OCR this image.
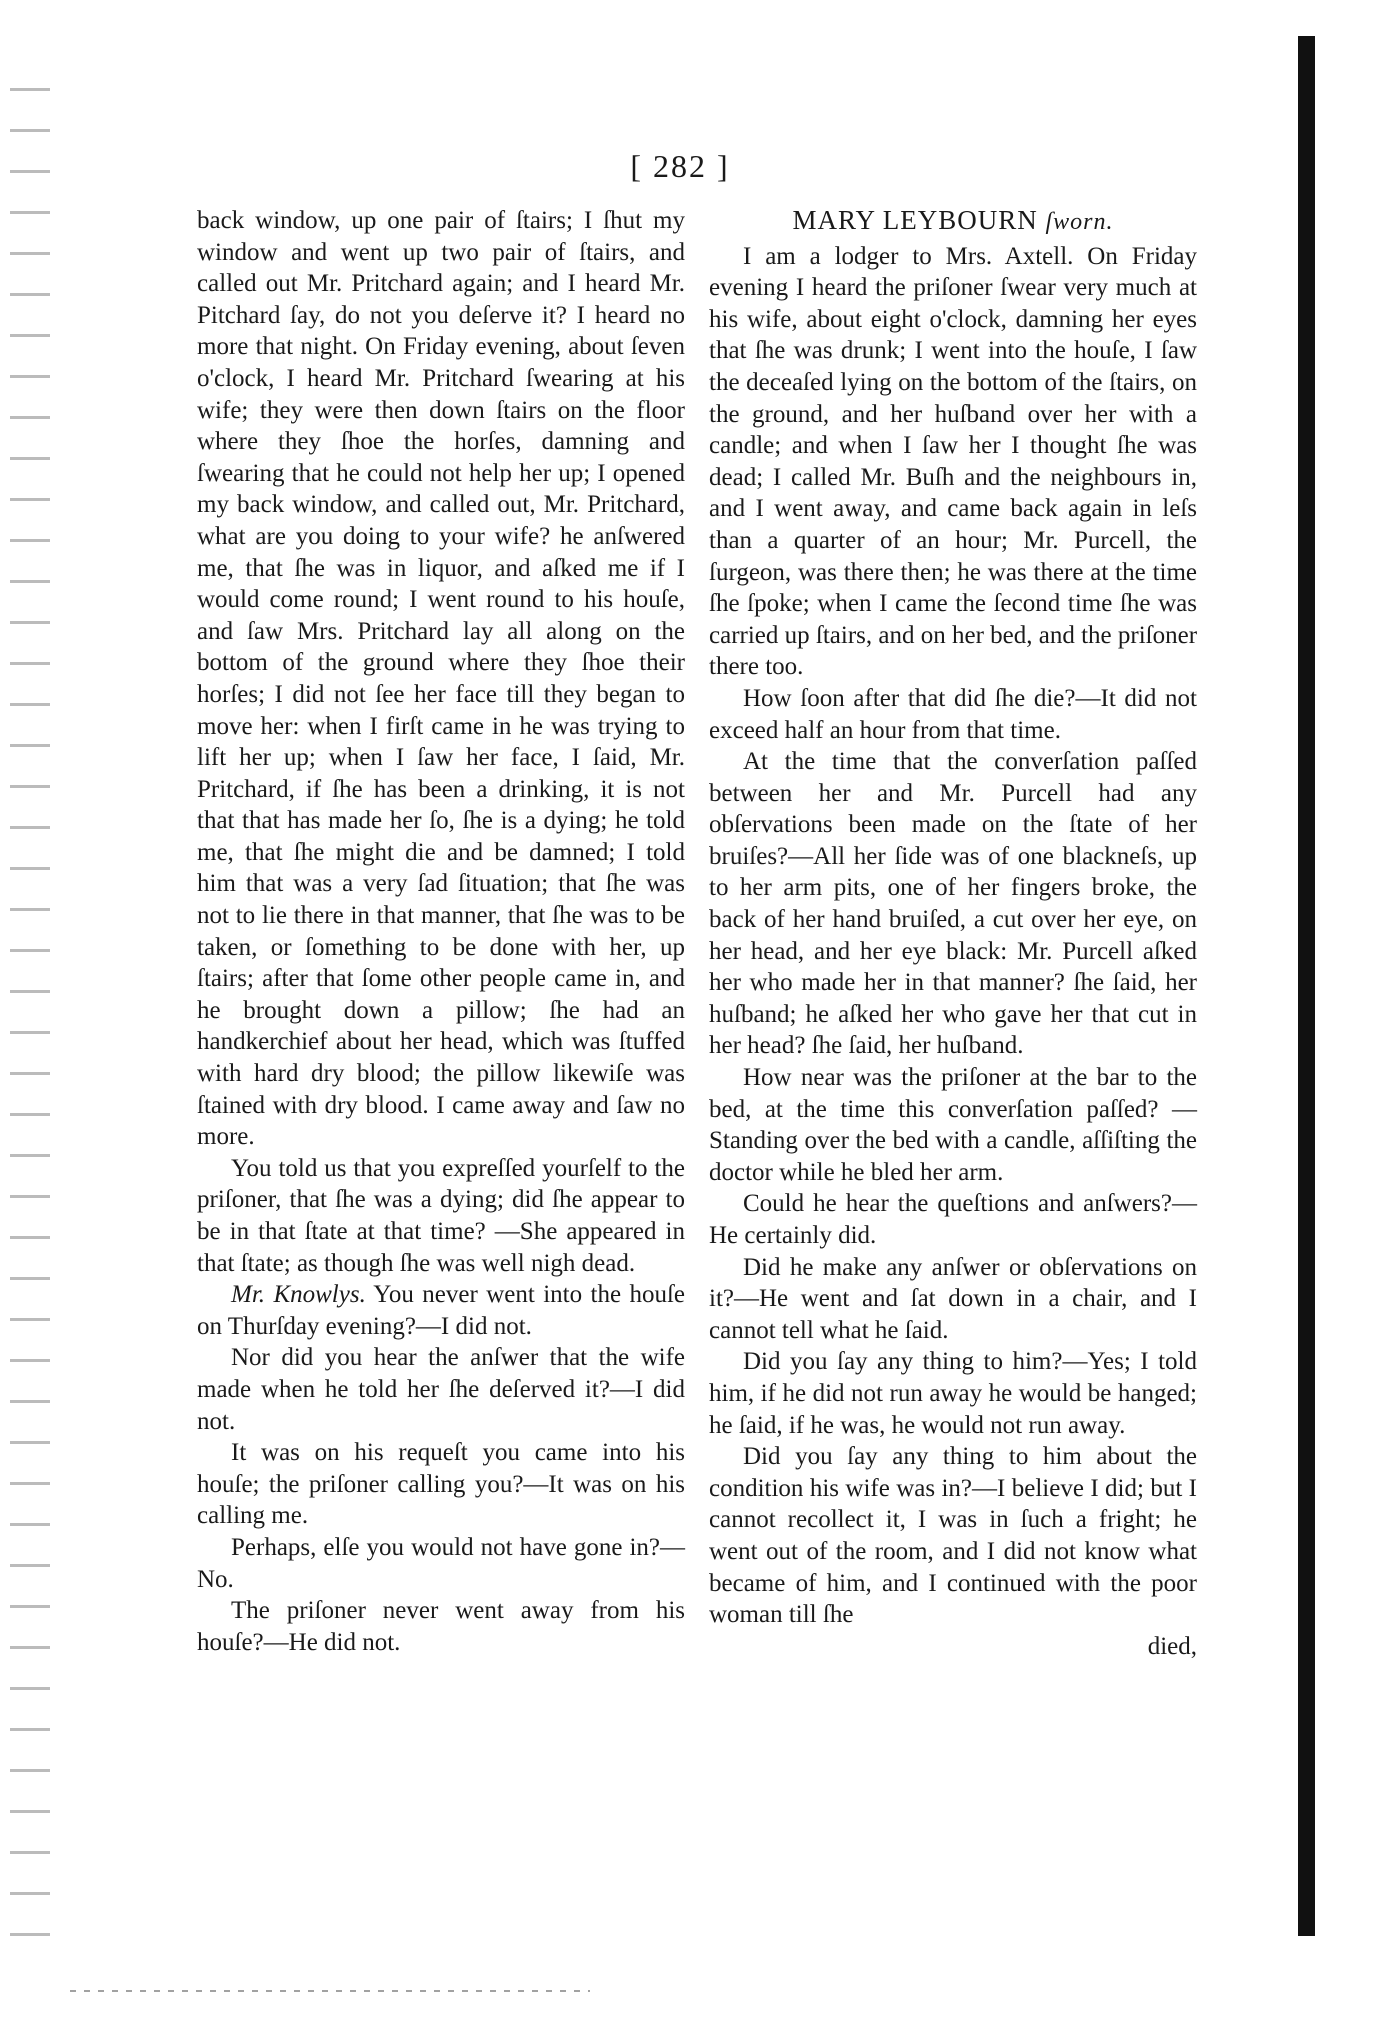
[ 282 ]

back window, up one pair of ſtairs; I ſhut my window and went up two pair of ſtairs, and called out Mr. Pritchard again; and I heard Mr. Pitchard ſay, do not you deſerve it? I heard no more that night. On Friday evening, about ſeven o'clock, I heard Mr. Pritchard ſwearing at his wife; they were then down ſtairs on the floor where they ſhoe the horſes, damning and ſwearing that he could not help her up; I opened my back window, and called out, Mr. Pritchard, what are you doing to your wife? he anſwered me, that ſhe was in liquor, and aſked me if I would come round; I went round to his houſe, and ſaw Mrs. Pritchard lay all along on the bottom of the ground where they ſhoe their horſes; I did not ſee her face till they began to move her: when I firſt came in he was trying to lift her up; when I ſaw her face, I ſaid, Mr. Pritchard, if ſhe has been a drinking, it is not that that has made her ſo, ſhe is a dying; he told me, that ſhe might die and be damned; I told him that was a very ſad ſituation; that ſhe was not to lie there in that manner, that ſhe was to be taken, or ſomething to be done with her, up ſtairs; after that ſome other people came in, and he brought down a pillow; ſhe had an handkerchief about her head, which was ſtuffed with hard dry blood; the pillow likewiſe was ſtained with dry blood. I came away and ſaw no more.

You told us that you expreſſed yourſelf to the priſoner, that ſhe was a dying; did ſhe appear to be in that ſtate at that time? —She appeared in that ſtate; as though ſhe was well nigh dead.

Mr. Knowlys. You never went into the houſe on Thurſday evening?—I did not.

Nor did you hear the anſwer that the wife made when he told her ſhe deſerved it?—I did not.

It was on his requeſt you came into his houſe; the priſoner calling you?—It was on his calling me.

Perhaps, elſe you would not have gone in?—No.

The priſoner never went away from his houſe?—He did not.

MARY LEYBOURN ſworn.

I am a lodger to Mrs. Axtell. On Friday evening I heard the priſoner ſwear very much at his wife, about eight o'clock, damning her eyes that ſhe was drunk; I went into the houſe, I ſaw the deceaſed lying on the bottom of the ſtairs, on the ground, and her huſband over her with a candle; and when I ſaw her I thought ſhe was dead; I called Mr. Buſh and the neighbours in, and I went away, and came back again in leſs than a quarter of an hour; Mr. Purcell, the ſurgeon, was there then; he was there at the time ſhe ſpoke; when I came the ſecond time ſhe was carried up ſtairs, and on her bed, and the priſoner there too.

How ſoon after that did ſhe die?—It did not exceed half an hour from that time.

At the time that the converſation paſſed between her and Mr. Purcell had any obſervations been made on the ſtate of her bruiſes?—All her ſide was of one blackneſs, up to her arm pits, one of her fingers broke, the back of her hand bruiſed, a cut over her eye, on her head, and her eye black: Mr. Purcell aſked her who made her in that manner? ſhe ſaid, her huſband; he aſked her who gave her that cut in her head? ſhe ſaid, her huſband.

How near was the priſoner at the bar to the bed, at the time this converſation paſſed? —Standing over the bed with a candle, aſſiſting the doctor while he bled her arm.

Could he hear the queſtions and anſwers?—He certainly did.

Did he make any anſwer or obſervations on it?—He went and ſat down in a chair, and I cannot tell what he ſaid.

Did you ſay any thing to him?—Yes; I told him, if he did not run away he would be hanged; he ſaid, if he was, he would not run away.

Did you ſay any thing to him about the condition his wife was in?—I believe I did; but I cannot recollect it, I was in ſuch a fright; he went out of the room, and I did not know what became of him, and I continued with the poor woman till ſhe

died,
